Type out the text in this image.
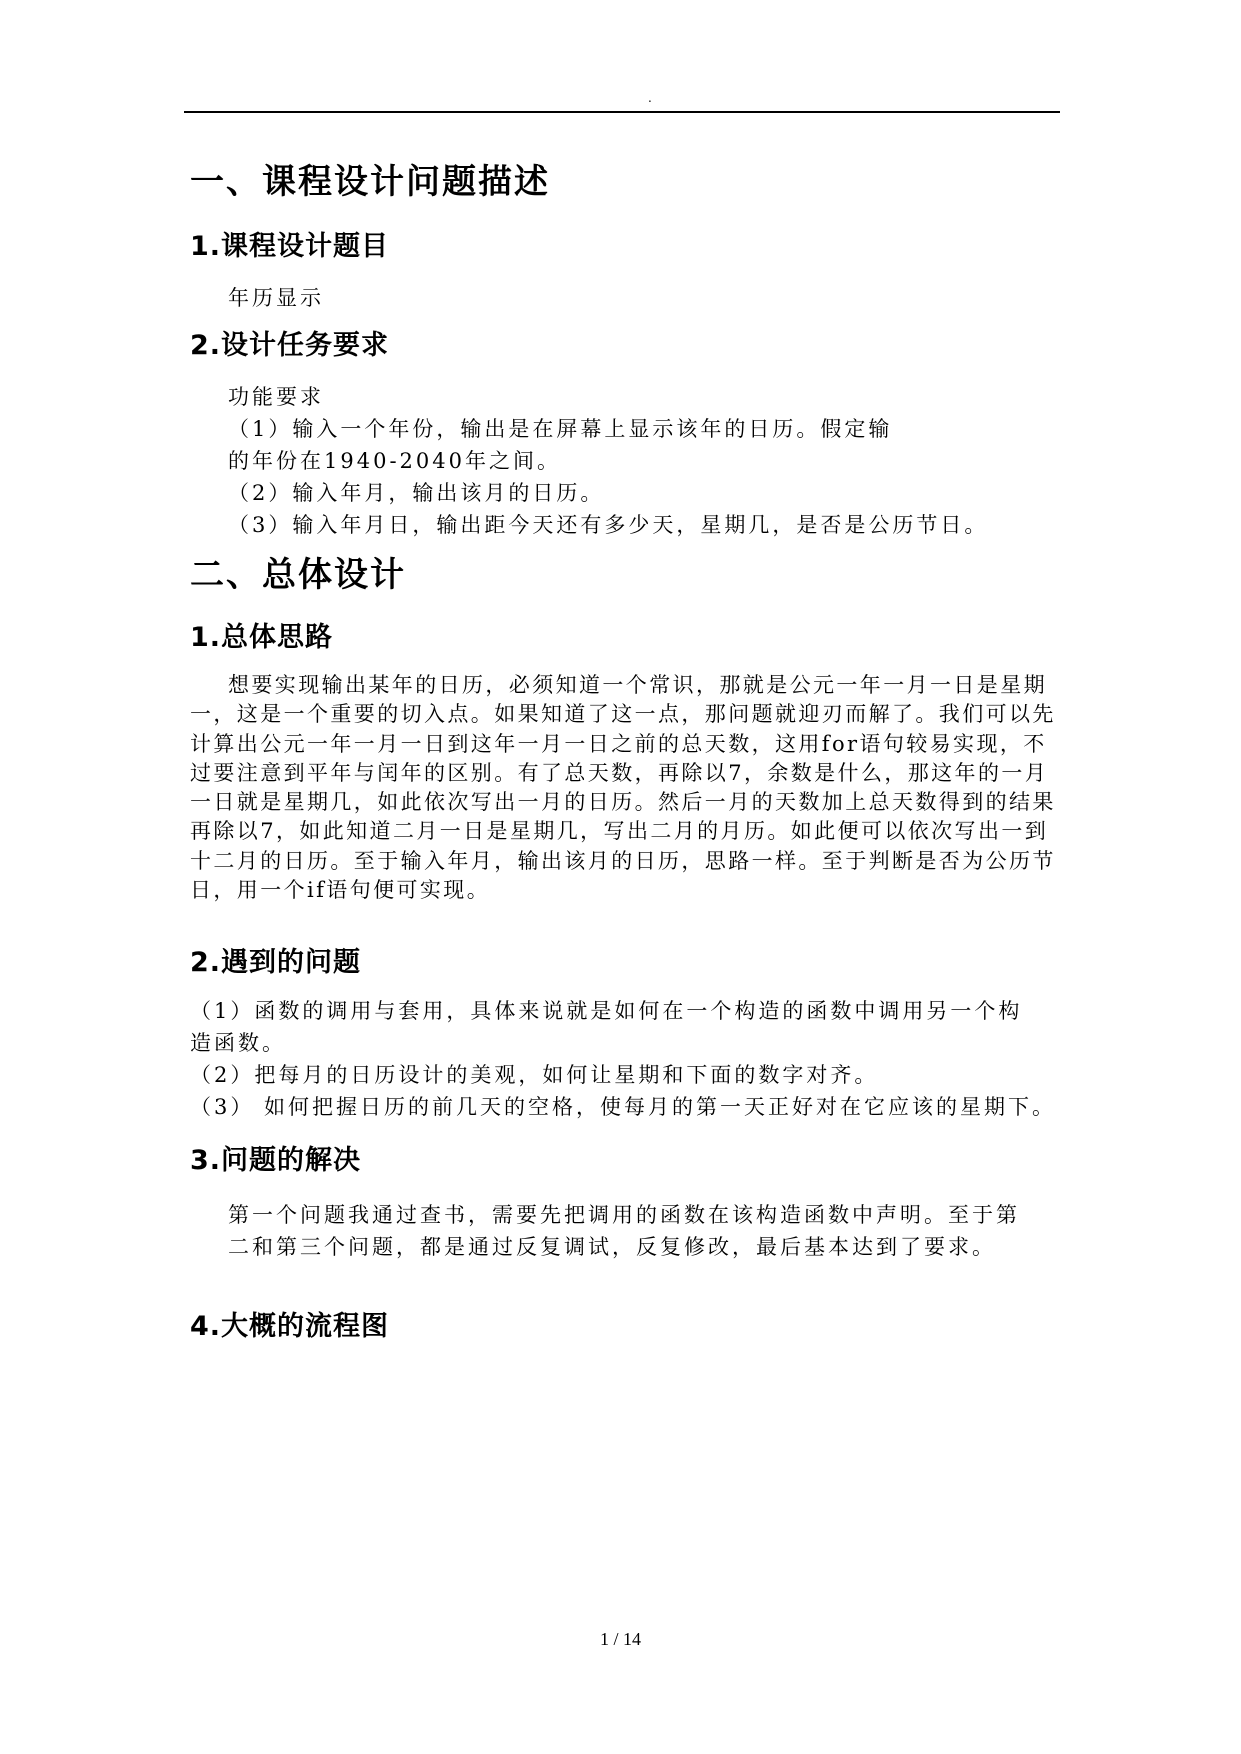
.
一、课程设计问题描述
1.课程设计题目
年历显示
2.设计任务要求
功能要求
（1）输入一个年份，输出是在屏幕上显示该年的日历。假定输
的年份在1940-2040年之间。
（2）输入年月，输出该月的日历。
（3）输入年月日，输出距今天还有多少天，星期几，是否是公历节日。
二、总体设计
1.总体思路
想要实现输出某年的日历，必须知道一个常识，那就是公元一年一月一日是星期一，这是一个重要的切入点。如果知道了这一点，那问题就迎刃而解了。我们可以先计算出公元一年一月一日到这年一月一日之前的总天数，这用for语句较易实现，不过要注意到平年与闰年的区别。有了总天数，再除以7，余数是什么，那这年的一月一日就是星期几，如此依次写出一月的日历。然后一月的天数加上总天数得到的结果再除以7，如此知道二月一日是星期几，写出二月的月历。如此便可以依次写出一到十二月的日历。至于输入年月，输出该月的日历，思路一样。至于判断是否为公历节日，用一个if语句便可实现。
2.遇到的问题
（1）函数的调用与套用，具体来说就是如何在一个构造的函数中调用另一个构
造函数。
（2）把每月的日历设计的美观，如何让星期和下面的数字对齐。
（3） 如何把握日历的前几天的空格，使每月的第一天正好对在它应该的星期下。
3.问题的解决
第一个问题我通过查书，需要先把调用的函数在该构造函数中声明。至于第
二和第三个问题，都是通过反复调试，反复修改，最后基本达到了要求。
4.大概的流程图
1 / 14
